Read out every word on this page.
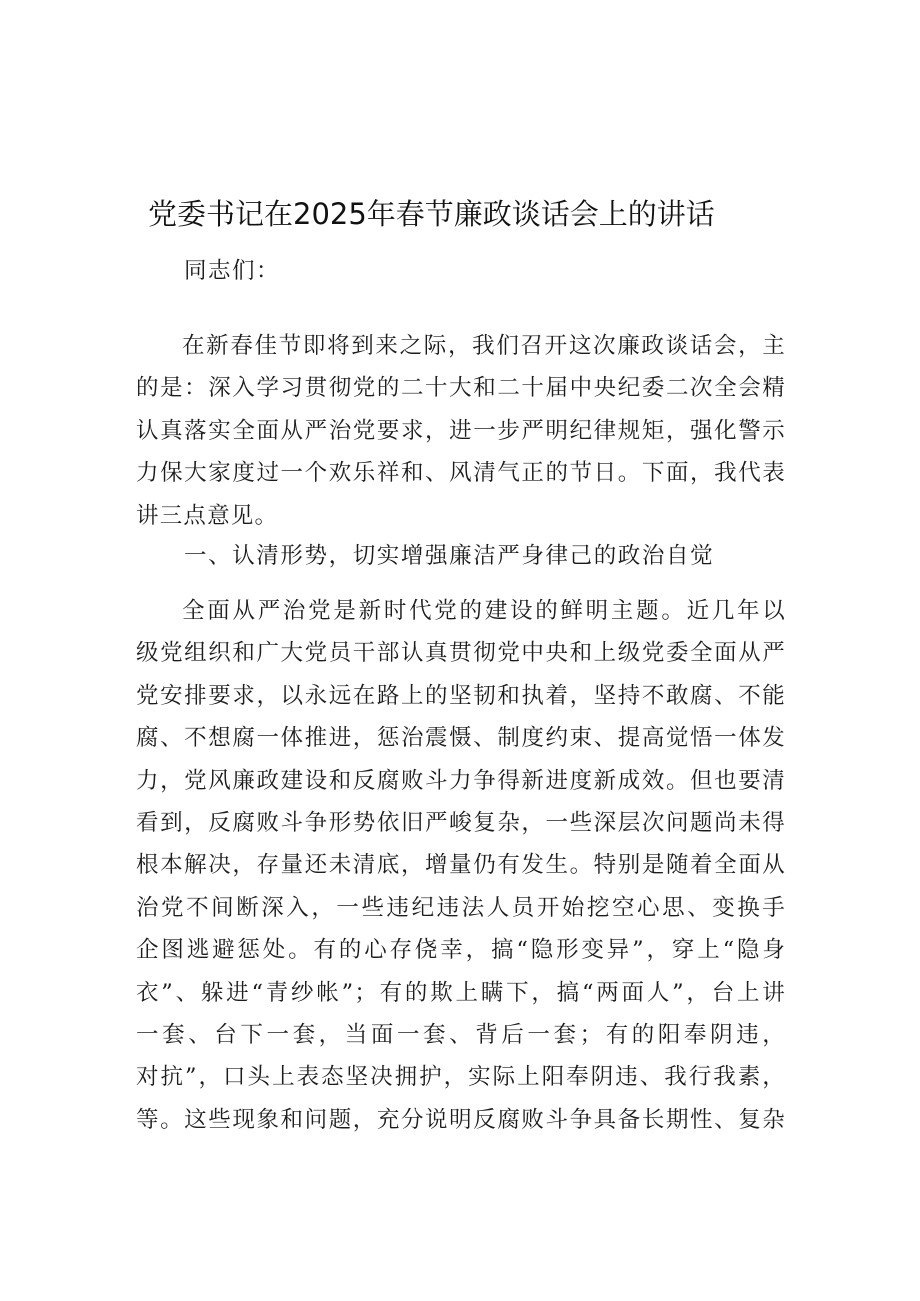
党委书记在2025年春节廉政谈话会上的讲话
同志们：
在新春佳节即将到来之际，我们召开这次廉政谈话会，主
的是：深入学习贯彻党的二十大和二十届中央纪委二次全会精
认真落实全面从严治党要求，进一步严明纪律规矩，强化警示
力保大家度过一个欢乐祥和、风清气正的节日。下面，我代表
讲三点意见。
一、认清形势，切实增强廉洁严身律己的政治自觉
全面从严治党是新时代党的建设的鲜明主题。近几年以
级党组织和广大党员干部认真贯彻党中央和上级党委全面从严
党安排要求，以永远在路上的坚韧和执着，坚持不敢腐、不能
腐、不想腐一体推进，惩治震慑、制度约束、提高觉悟一体发
力，党风廉政建设和反腐败斗力争得新进度新成效。但也要清
看到，反腐败斗争形势依旧严峻复杂，一些深层次问题尚未得
根本解决，存量还未清底，增量仍有发生。特别是随着全面从
治党不间断深入，一些违纪违法人员开始挖空心思、变换手
企图逃避惩处。有的心存侥幸，搞“隐形变异”，穿上“隐身
衣”、躲进“青纱帐”；有的欺上瞒下，搞“两面人”，台上讲
一套、台下一套，当面一套、背后一套；有的阳奉阴违，
对抗”，口头上表态坚决拥护，实际上阳奉阴违、我行我素，
等。这些现象和问题，充分说明反腐败斗争具备长期性、复杂
